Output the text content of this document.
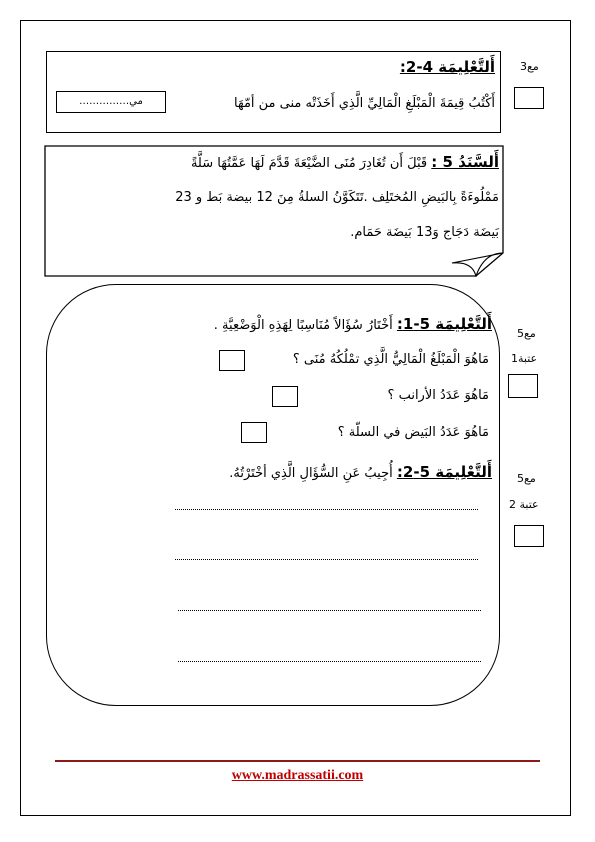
أَلتَّعْلِيمَة 4-2:
أَكْتُبُ قِيمَةَ الْمَبْلَغِ الْمَالِيِّ الَّذِي أَخَذَتْه منى من أمّهَا
……………مي
مع3
أَلسَّنَدُ 5 : قَبْلَ أَن تُغَادِرَ مُنَى الضَّيْعَةَ قَدَّمَ لَهَا عَمَّتُهَا سَلَّةً
مَمْلُوءَةً بِالبَيضِ المُختَلِف .تَتَكَوَّنُ السلةُ مِنَ 12 بيضة بَط و 23
بَيضَة دَجَاج وَ13 بَيضَة حَمَام.
أَلتَّعْلِيمَة 5-1: أَخْتَارُ سُؤَالاً مُنَاسِبًا لِهَذِهِ الْوَضْعِيَّةِ .
مَاهُوَ الْمَبْلَغُ الْمَالِيُّ الَّذِي تمْلُكُهُ مُنَى ؟
مَاهُوَ عَدَدُ الأرانب ؟
مَاهُوَ عَدَدُ البَيض في السلّة ؟
مع5
عتبة1
أَلتَّعْلِيمَة 5-2: أُجِيبُ عَنِ السُّؤَالِ الَّذِي أخْتَرْتُهُ.	مع5
عتبة 2
www.madrassatii.com
